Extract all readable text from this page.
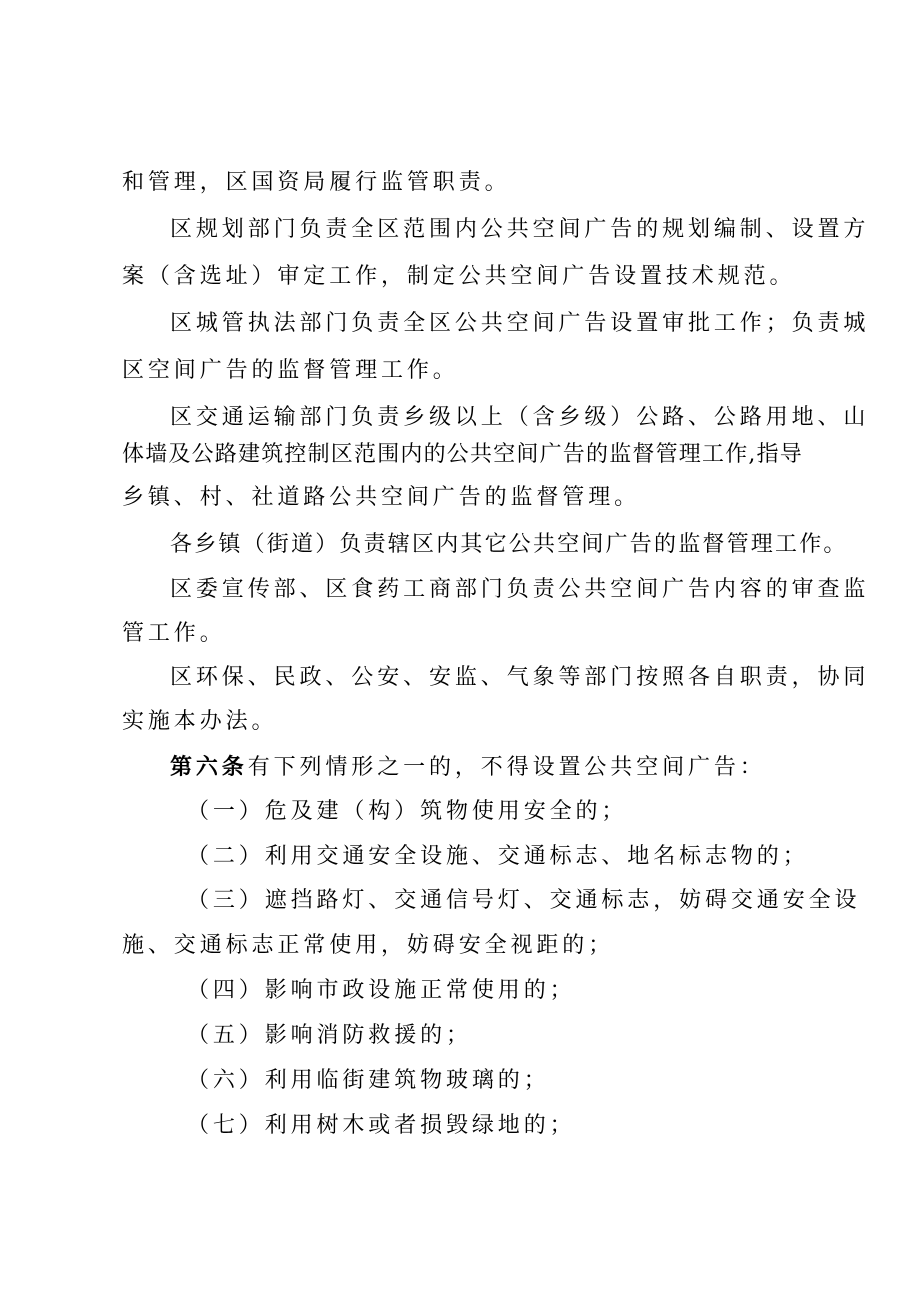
和管理，区国资局履行监管职责。
区规划部门负责全区范围内公共空间广告的规划编制、设置方
案（含选址）审定工作，制定公共空间广告设置技术规范。
区城管执法部门负责全区公共空间广告设置审批工作；负责城
区空间广告的监督管理工作。
区交通运输部门负责乡级以上（含乡级）公路、公路用地、山
体墙及公路建筑控制区范围内的公共空间广告的监督管理工作,指导
乡镇、村、社道路公共空间广告的监督管理。
各乡镇（街道）负责辖区内其它公共空间广告的监督管理工作。
区委宣传部、区食药工商部门负责公共空间广告内容的审查监
管工作。
区环保、民政、公安、安监、气象等部门按照各自职责，协同
实施本办法。
第六条有下列情形之一的，不得设置公共空间广告：
（一）危及建（构）筑物使用安全的；
（二）利用交通安全设施、交通标志、地名标志物的；
（三）遮挡路灯、交通信号灯、交通标志，妨碍交通安全设
施、交通标志正常使用，妨碍安全视距的；
（四）影响市政设施正常使用的；
（五）影响消防救援的；
（六）利用临街建筑物玻璃的；
（七）利用树木或者损毁绿地的；
